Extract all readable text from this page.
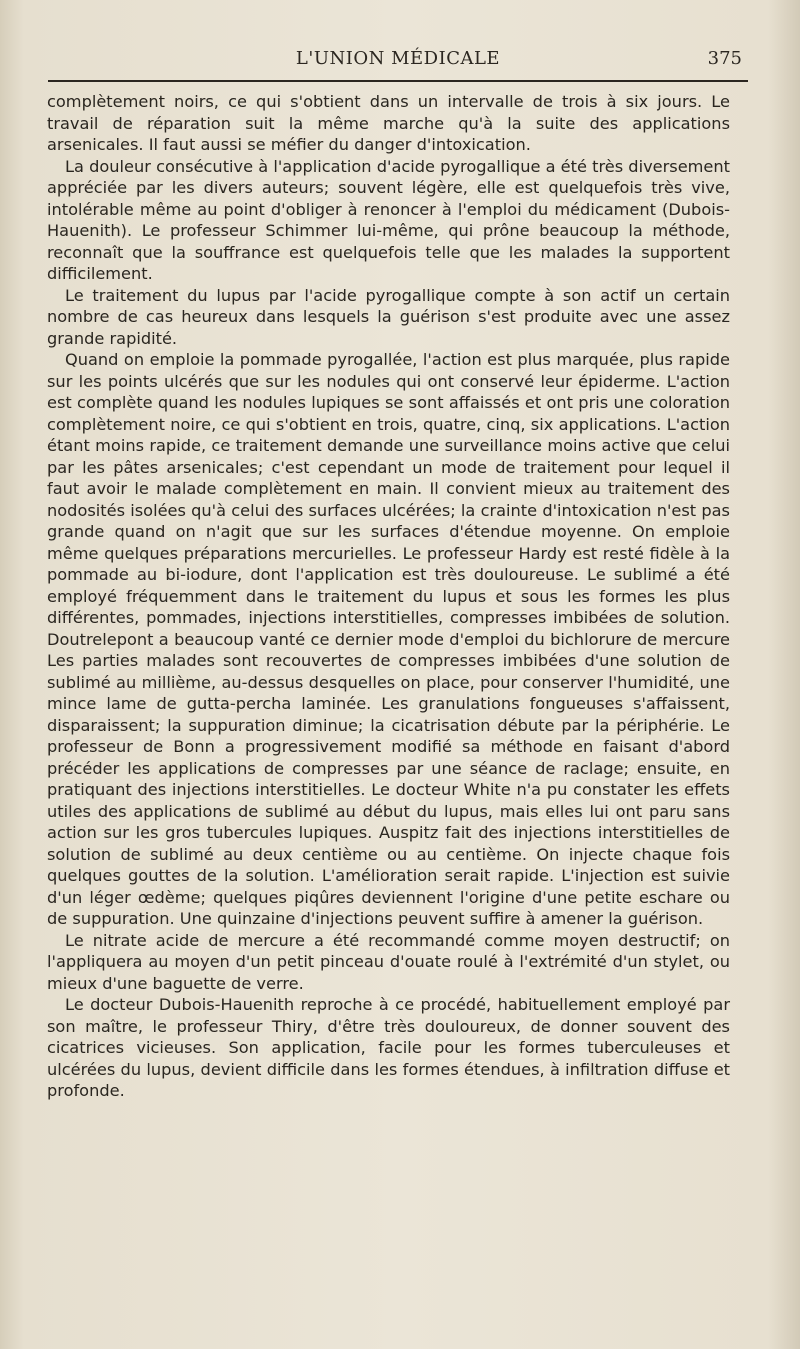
L'UNION MÉDICALE	375

complètement noirs, ce qui s'obtient dans un intervalle de trois à six jours. Le travail de réparation suit la même marche qu'à la suite des applications arsenicales. Il faut aussi se méfier du danger d'intoxication.

La douleur consécutive à l'application d'acide pyrogallique a été très diversement appréciée par les divers auteurs; souvent légère, elle est quelquefois très vive, intolérable même au point d'obliger à renoncer à l'emploi du médicament (Dubois-Hauenith). Le professeur Schimmer lui-même, qui prône beaucoup la méthode, reconnaît que la souffrance est quelquefois telle que les malades la supportent difficilement.

Le traitement du lupus par l'acide pyrogallique compte à son actif un certain nombre de cas heureux dans lesquels la guérison s'est produite avec une assez grande rapidité.

Quand on emploie la pommade pyrogallée, l'action est plus marquée, plus rapide sur les points ulcérés que sur les nodules qui ont conservé leur épiderme. L'action est complète quand les nodules lupiques se sont affaissés et ont pris une coloration complètement noire, ce qui s'obtient en trois, quatre, cinq, six applications. L'action étant moins rapide, ce traitement demande une surveillance moins active que celui par les pâtes arsenicales; c'est cependant un mode de traitement pour lequel il faut avoir le malade complètement en main. Il convient mieux au traitement des nodosités isolées qu'à celui des surfaces ulcérées; la crainte d'intoxication n'est pas grande quand on n'agit que sur les surfaces d'étendue moyenne. On emploie même quelques préparations mercurielles. Le professeur Hardy est resté fidèle à la pommade au bi-iodure, dont l'application est très douloureuse. Le sublimé a été employé fréquemment dans le traitement du lupus et sous les formes les plus différentes, pommades, injections interstitielles, compresses imbibées de solution. Doutrelepont a beaucoup vanté ce dernier mode d'emploi du bichlorure de mercure Les parties malades sont recouvertes de compresses imbibées d'une solution de sublimé au millième, au-dessus desquelles on place, pour conserver l'humidité, une mince lame de gutta-percha laminée. Les granulations fongueuses s'affaissent, disparaissent; la suppuration diminue; la cicatrisation débute par la périphérie. Le professeur de Bonn a progressivement modifié sa méthode en faisant d'abord précéder les applications de compresses par une séance de raclage; ensuite, en pratiquant des injections interstitielles. Le docteur White n'a pu constater les effets utiles des applications de sublimé au début du lupus, mais elles lui ont paru sans action sur les gros tubercules lupiques. Auspitz fait des injections interstitielles de solution de sublimé au deux centième ou au centième. On injecte chaque fois quelques gouttes de la solution. L'amélioration serait rapide. L'injection est suivie d'un léger œdème; quelques piqûres deviennent l'origine d'une petite eschare ou de suppuration. Une quinzaine d'injections peuvent suffire à amener la guérison.

Le nitrate acide de mercure a été recommandé comme moyen destructif; on l'appliquera au moyen d'un petit pinceau d'ouate roulé à l'extrémité d'un stylet, ou mieux d'une baguette de verre.

Le docteur Dubois-Hauenith reproche à ce procédé, habituellement employé par son maître, le professeur Thiry, d'être très douloureux, de donner souvent des cicatrices vicieuses. Son application, facile pour les formes tuberculeuses et ulcérées du lupus, devient difficile dans les formes étendues, à infiltration diffuse et profonde.
